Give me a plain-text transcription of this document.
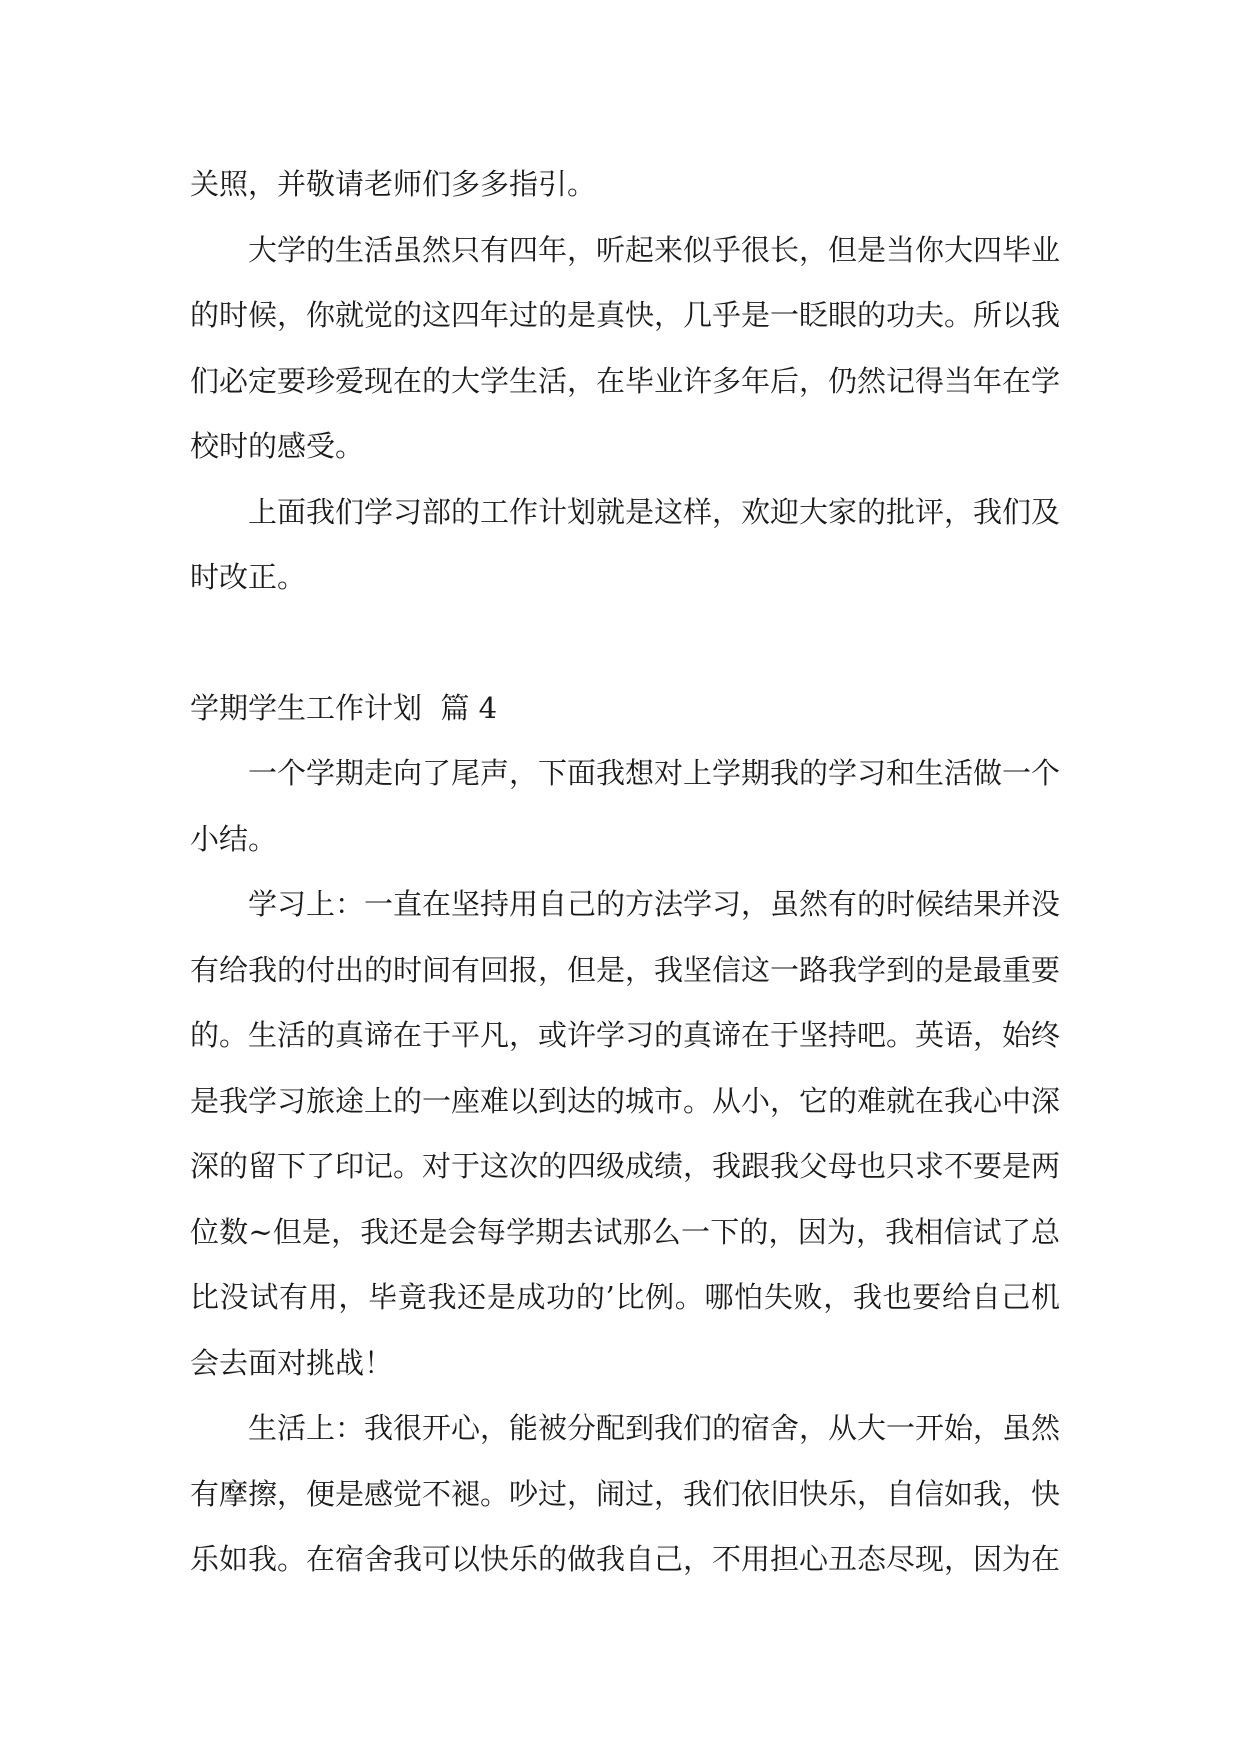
关照，并敬请老师们多多指引。

大学的生活虽然只有四年，听起来似乎很长，但是当你大四毕业的时候，你就觉的这四年过的是真快，几乎是一眨眼的功夫。所以我们必定要珍爱现在的大学生活，在毕业许多年后，仍然记得当年在学校时的感受。

上面我们学习部的工作计划就是这样，欢迎大家的批评，我们及时改正。

学期学生工作计划  篇 4

一个学期走向了尾声，下面我想对上学期我的学习和生活做一个小结。

学习上：一直在坚持用自己的方法学习，虽然有的时候结果并没有给我的付出的时间有回报，但是，我坚信这一路我学到的是最重要的。生活的真谛在于平凡，或许学习的真谛在于坚持吧。英语，始终是我学习旅途上的一座难以到达的城市。从小，它的难就在我心中深深的留下了印记。对于这次的四级成绩，我跟我父母也只求不要是两位数~但是，我还是会每学期去试那么一下的，因为，我相信试了总比没试有用，毕竟我还是成功的’比例。哪怕失败，我也要给自己机会去面对挑战！

生活上：我很开心，能被分配到我们的宿舍，从大一开始，虽然有摩擦，便是感觉不褪。吵过，闹过，我们依旧快乐，自信如我，快乐如我。在宿舍我可以快乐的做我自己，不用担心丑态尽现，因为在
